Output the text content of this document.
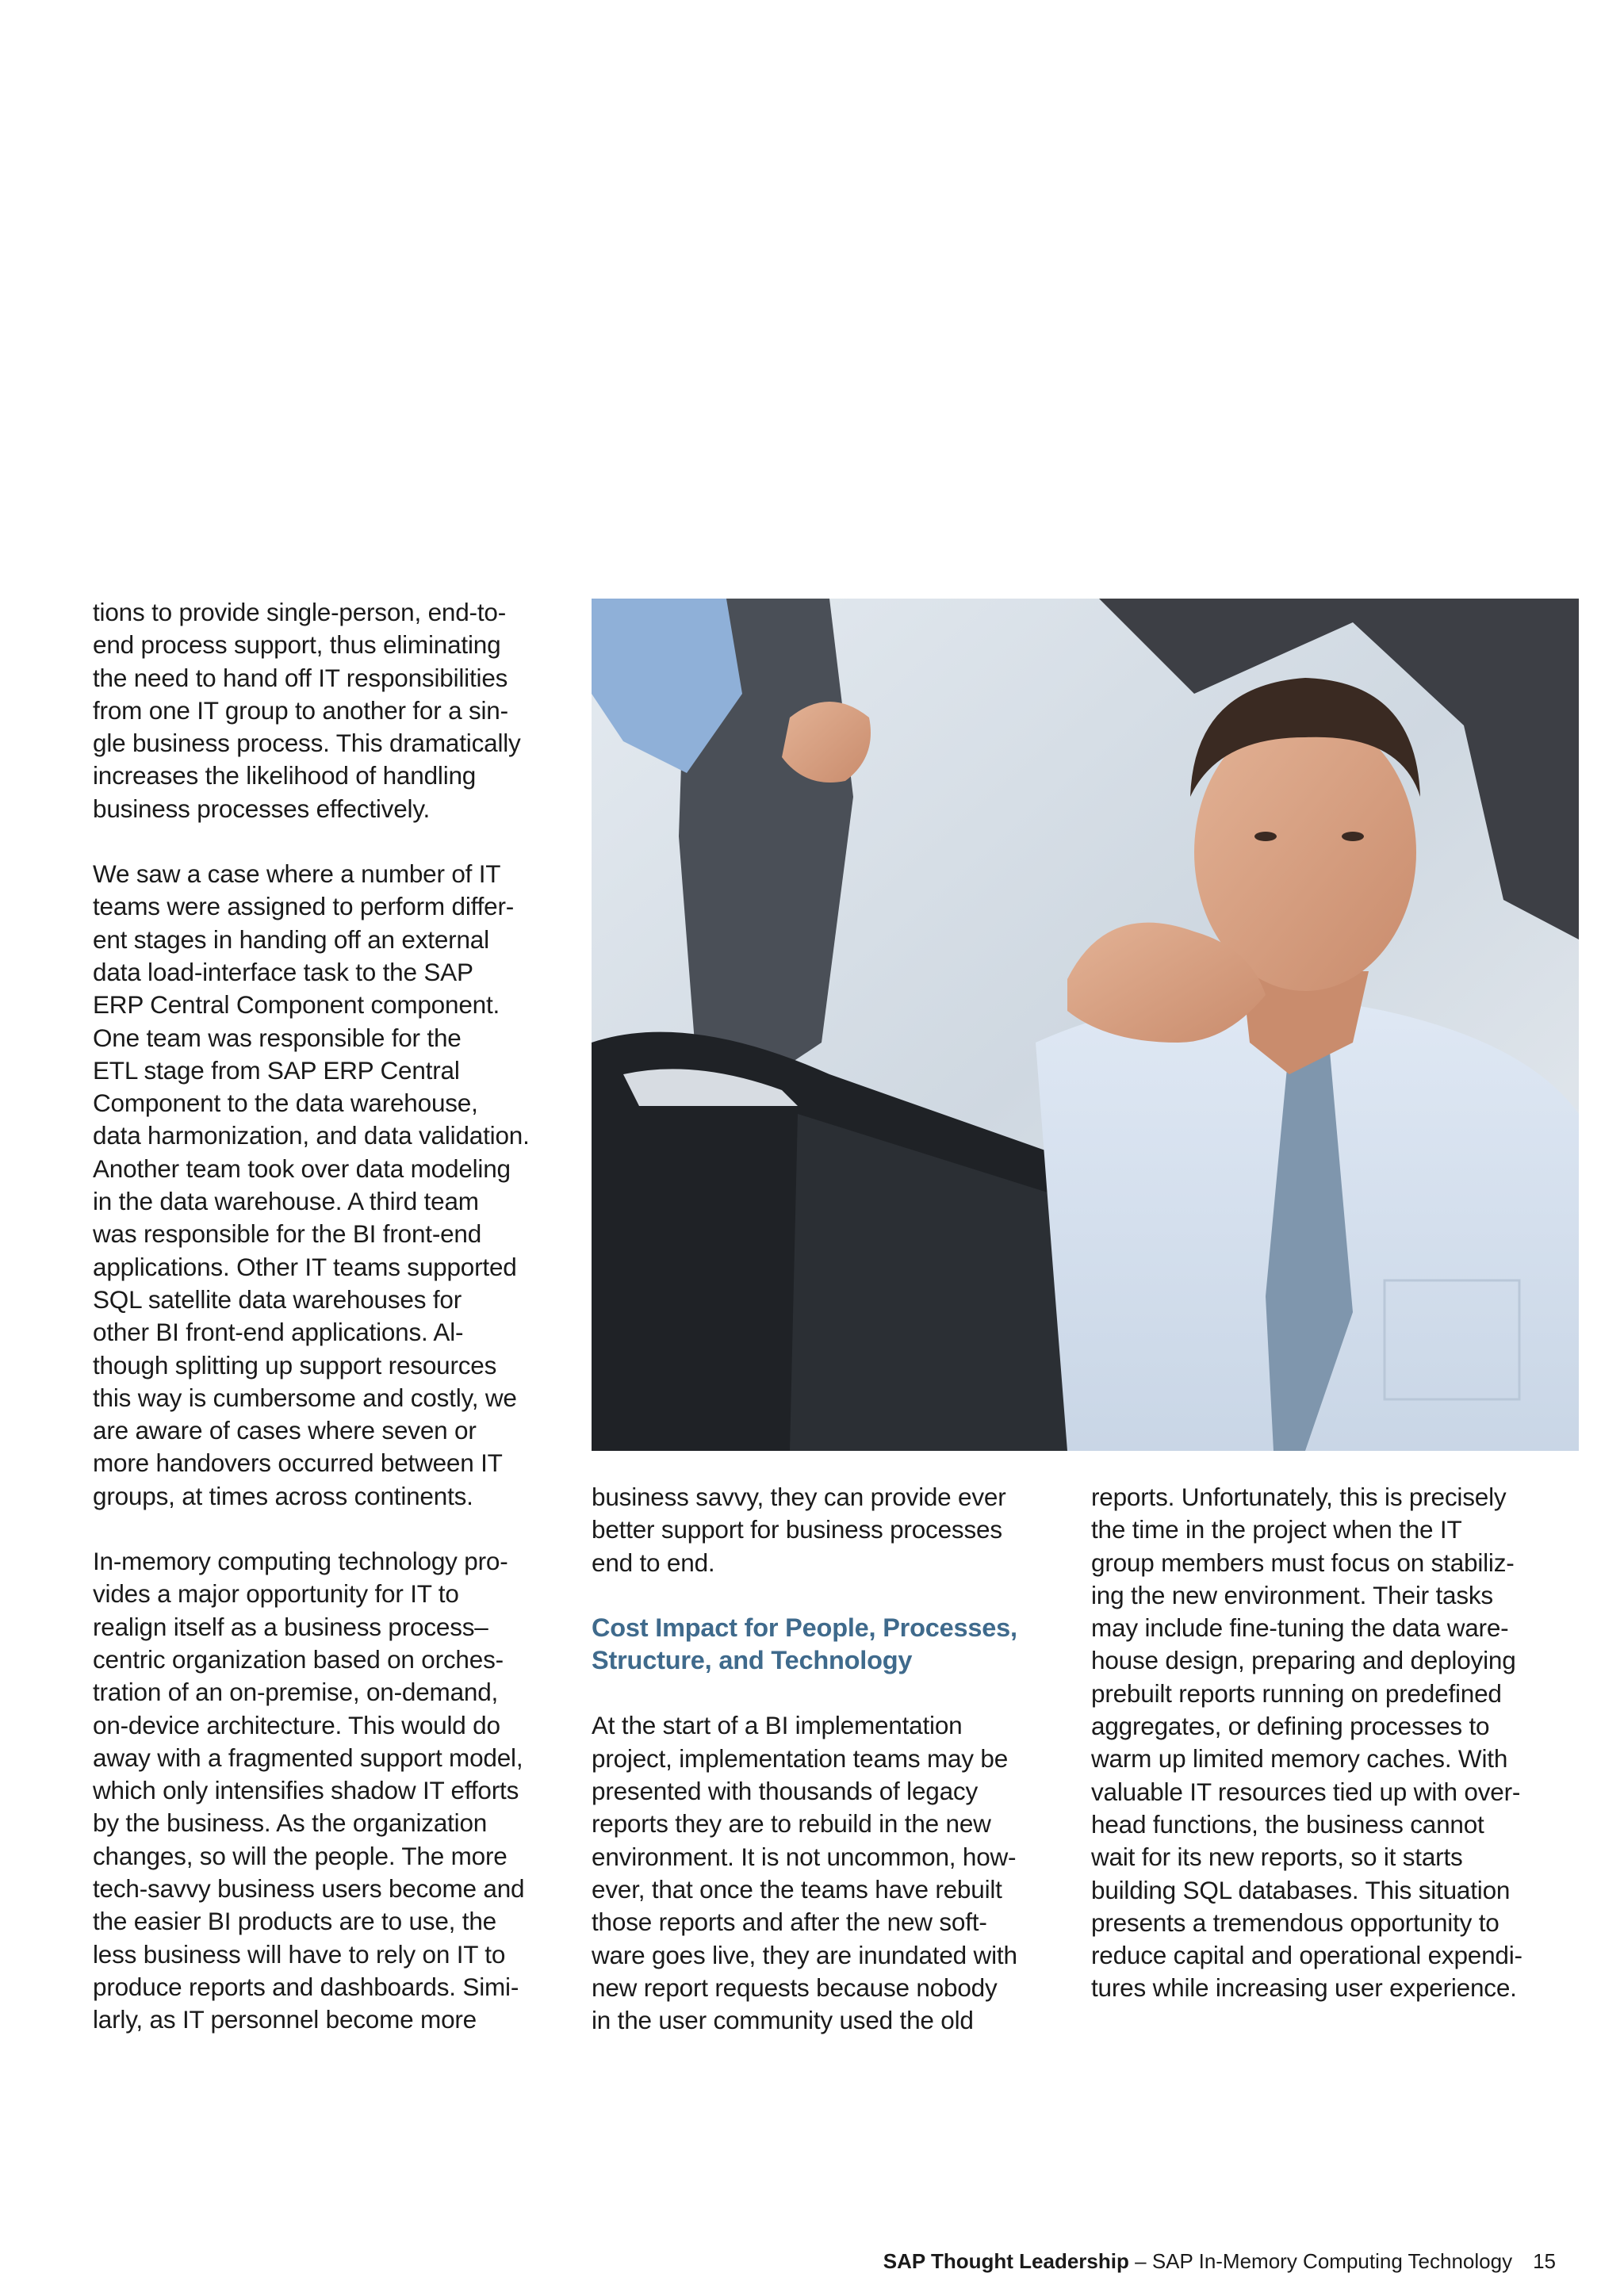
tions to provide single-person, end-to-
end process support, thus eliminating
the need to hand off IT responsibilities
from one IT group to another for a sin-
gle business process. This dramatically
increases the likelihood of handling
business processes effectively.

We saw a case where a number of IT
teams were assigned to perform differ-
ent stages in handing off an external
data load-interface task to the SAP
ERP Central Component component.
One team was responsible for the
ETL stage from SAP ERP Central
Component to the data warehouse,
data harmonization, and data validation.
Another team took over data modeling
in the data warehouse. A third team
was responsible for the BI front-end
applications. Other IT teams supported
SQL satellite data warehouses for
other BI front-end applications. Al-
though splitting up support resources
this way is cumbersome and costly, we
are aware of cases where seven or
more handovers occurred between IT
groups, at times across continents.

In-memory computing technology pro-
vides a major opportunity for IT to
realign itself as a business process–
centric organization based on orches-
tration of an on-premise, on-demand,
on-device architecture. This would do
away with a fragmented support model,
which only intensifies shadow IT efforts
by the business. As the organization
changes, so will the people. The more
tech-savvy business users become and
the easier BI products are to use, the
less business will have to rely on IT to
produce reports and dashboards. Simi-
larly, as IT personnel become more

business savvy, they can provide ever
better support for business processes
end to end.

Cost Impact for People, Processes,
Structure, and Technology

At the start of a BI implementation
project, implementation teams may be
presented with thousands of legacy
reports they are to rebuild in the new
environment. It is not uncommon, how-
ever, that once the teams have rebuilt
those reports and after the new soft-
ware goes live, they are inundated with
new report requests because nobody
in the user community used the old

reports. Unfortunately, this is precisely
the time in the project when the IT
group members must focus on stabiliz-
ing the new environment. Their tasks
may include fine-tuning the data ware-
house design, preparing and deploying
prebuilt reports running on predefined
aggregates, or defining processes to
warm up limited memory caches. With
valuable IT resources tied up with over-
head functions, the business cannot
wait for its new reports, so it starts
building SQL databases. This situation
presents a tremendous opportunity to
reduce capital and operational expendi-
tures while increasing user experience.

SAP Thought Leadership – SAP In-Memory Computing Technology 15
